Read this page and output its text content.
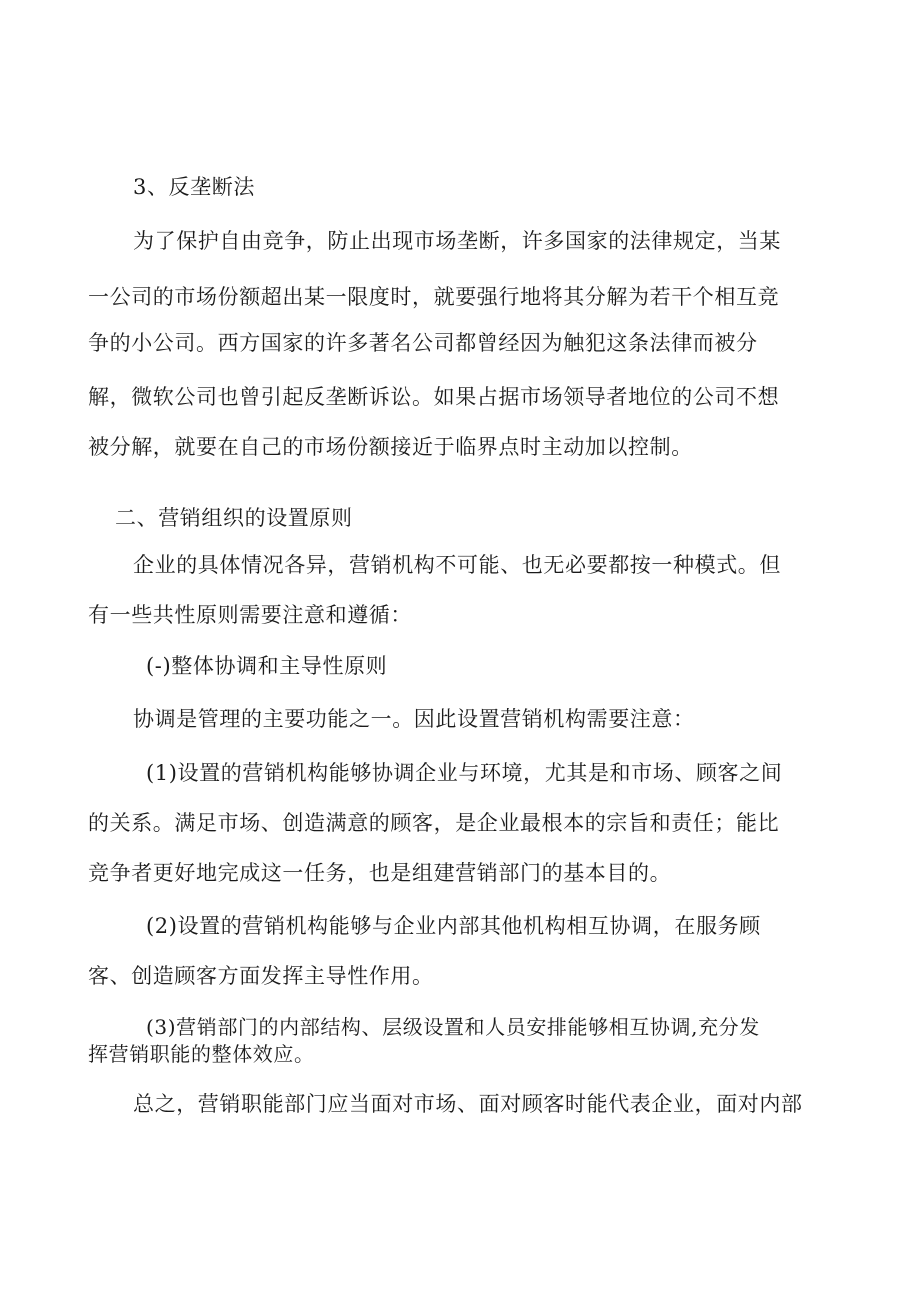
3、反垄断法
为了保护自由竞争，防止出现市场垄断，许多国家的法律规定，当某
一公司的市场份额超出某一限度时，就要强行地将其分解为若干个相互竞
争的小公司。西方国家的许多著名公司都曾经因为触犯这条法律而被分
解，微软公司也曾引起反垄断诉讼。如果占据市场领导者地位的公司不想
被分解，就要在自己的市场份额接近于临界点时主动加以控制。
二、营销组织的设置原则
企业的具体情况各异，营销机构不可能、也无必要都按一种模式。但
有一些共性原则需要注意和遵循：
(-)整体协调和主导性原则
协调是管理的主要功能之一。因此设置营销机构需要注意：
(1)设置的营销机构能够协调企业与环境，尤其是和市场、顾客之间
的关系。满足市场、创造满意的顾客，是企业最根本的宗旨和责任；能比
竞争者更好地完成这一任务，也是组建营销部门的基本目的。
(2)设置的营销机构能够与企业内部其他机构相互协调，在服务顾
客、创造顾客方面发挥主导性作用。
(3)营销部门的内部结构、层级设置和人员安排能够相互协调,充分发
挥营销职能的整体效应。
总之，营销职能部门应当面对市场、面对顾客时能代表企业，面对内部
